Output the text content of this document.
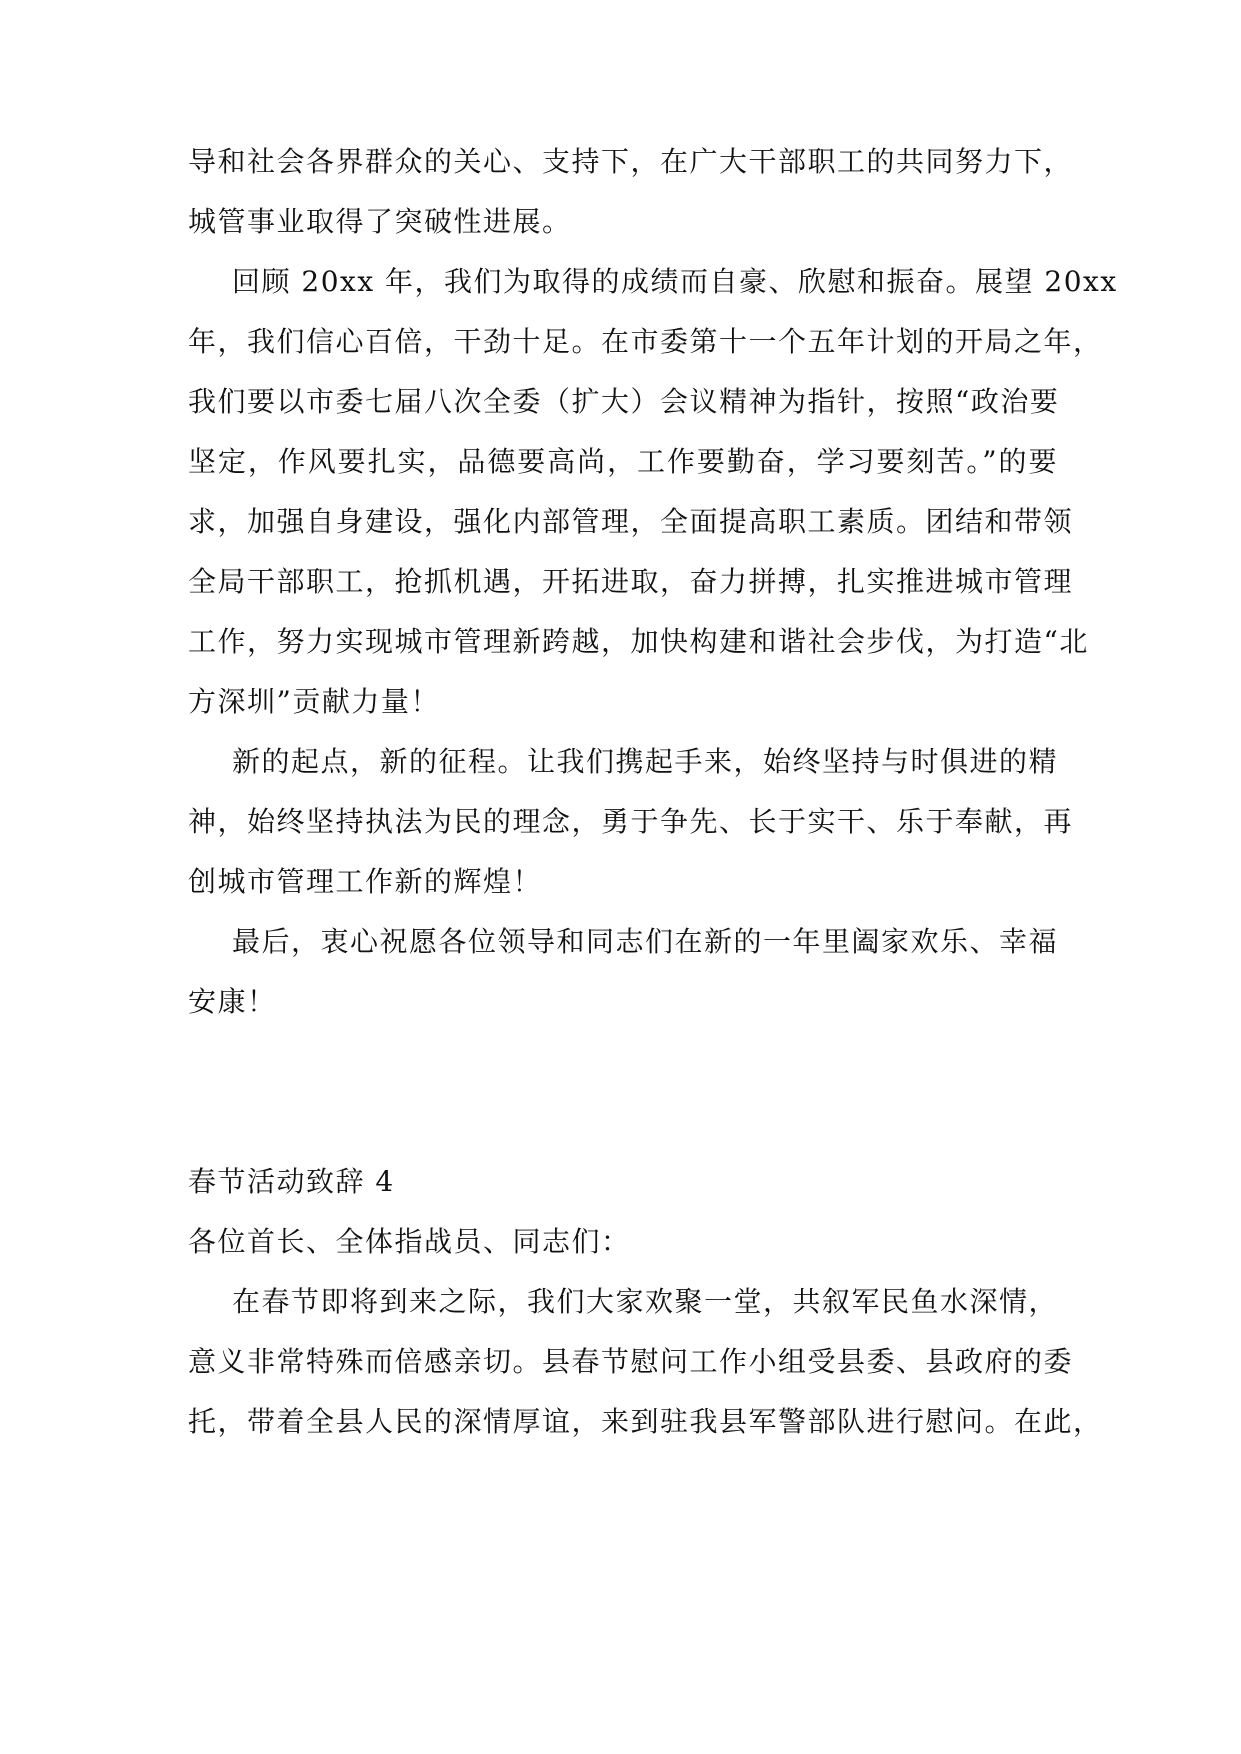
导和社会各界群众的关心、支持下，在广大干部职工的共同努力下，
城管事业取得了突破性进展。
回顾 20xx 年，我们为取得的成绩而自豪、欣慰和振奋。展望 20xx
年，我们信心百倍，干劲十足。在市委第十一个五年计划的开局之年，
我们要以市委七届八次全委（扩大）会议精神为指针，按照“政治要
坚定，作风要扎实，品德要高尚，工作要勤奋，学习要刻苦。”的要
求，加强自身建设，强化内部管理，全面提高职工素质。团结和带领
全局干部职工，抢抓机遇，开拓进取，奋力拼搏，扎实推进城市管理
工作，努力实现城市管理新跨越，加快构建和谐社会步伐，为打造“北
方深圳”贡献力量！
新的起点，新的征程。让我们携起手来，始终坚持与时俱进的精
神，始终坚持执法为民的理念，勇于争先、长于实干、乐于奉献，再
创城市管理工作新的辉煌！
最后，衷心祝愿各位领导和同志们在新的一年里阖家欢乐、幸福
安康！
春节活动致辞 4
各位首长、全体指战员、同志们：
在春节即将到来之际，我们大家欢聚一堂，共叙军民鱼水深情，
意义非常特殊而倍感亲切。县春节慰问工作小组受县委、县政府的委
托，带着全县人民的深情厚谊，来到驻我县军警部队进行慰问。在此，
